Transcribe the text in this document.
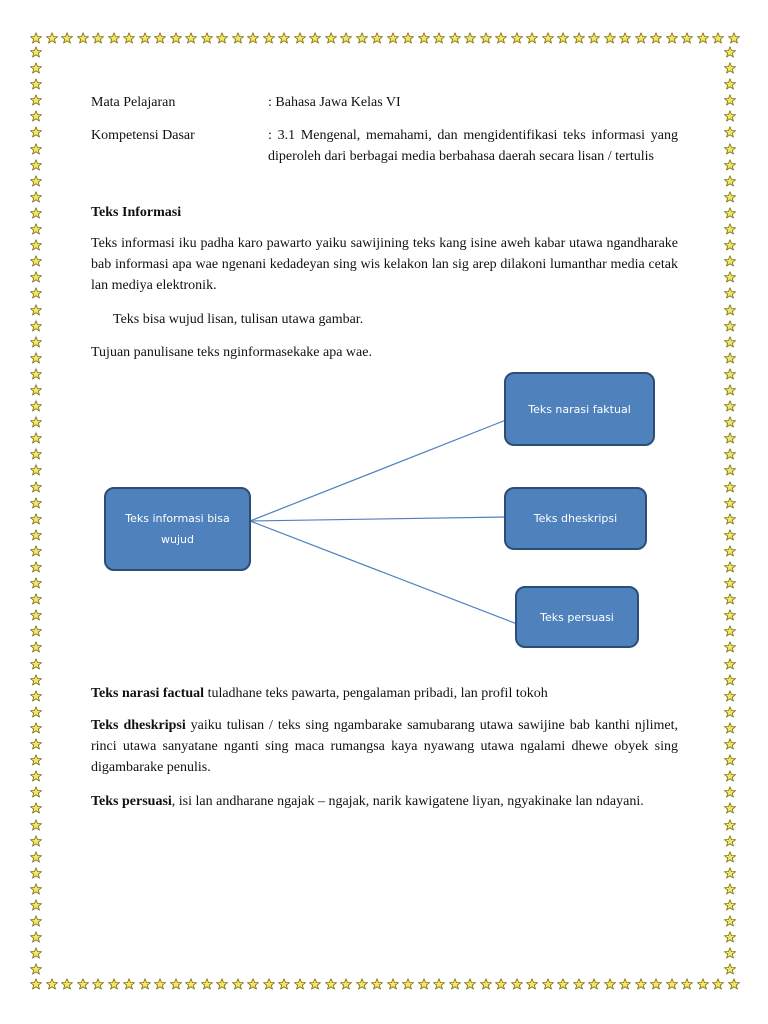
Mata Pelajaran	: Bahasa Jawa Kelas VI
Kompetensi Dasar	: 3.1 Mengenal, memahami, dan mengidentifikasi teks informasi yang diperoleh dari berbagai media berbahasa daerah secara lisan / tertulis
Teks Informasi
Teks informasi iku padha karo pawarto yaiku sawijining teks kang isine aweh kabar utawa ngandharake bab informasi apa wae ngenani kedadeyan sing wis kelakon lan sig arep dilakoni lumanthar media cetak lan mediya elektronik.
Teks bisa wujud lisan, tulisan utawa gambar.
Tujuan panulisane teks nginformasekake apa wae.
Teks informasi bisa wujud
Teks narasi faktual
Teks dheskripsi
Teks persuasi
Teks narasi factual tuladhane teks pawarta, pengalaman pribadi, lan profil tokoh
Teks dheskripsi yaiku tulisan / teks sing ngambarake samubarang utawa sawijine bab kanthi njlimet, rinci utawa sanyatane nganti sing maca rumangsa kaya nyawang utawa ngalami dhewe obyek sing digambarake penulis.
Teks persuasi, isi lan andharane ngajak – ngajak, narik kawigatene liyan, ngyakinake lan ndayani.
